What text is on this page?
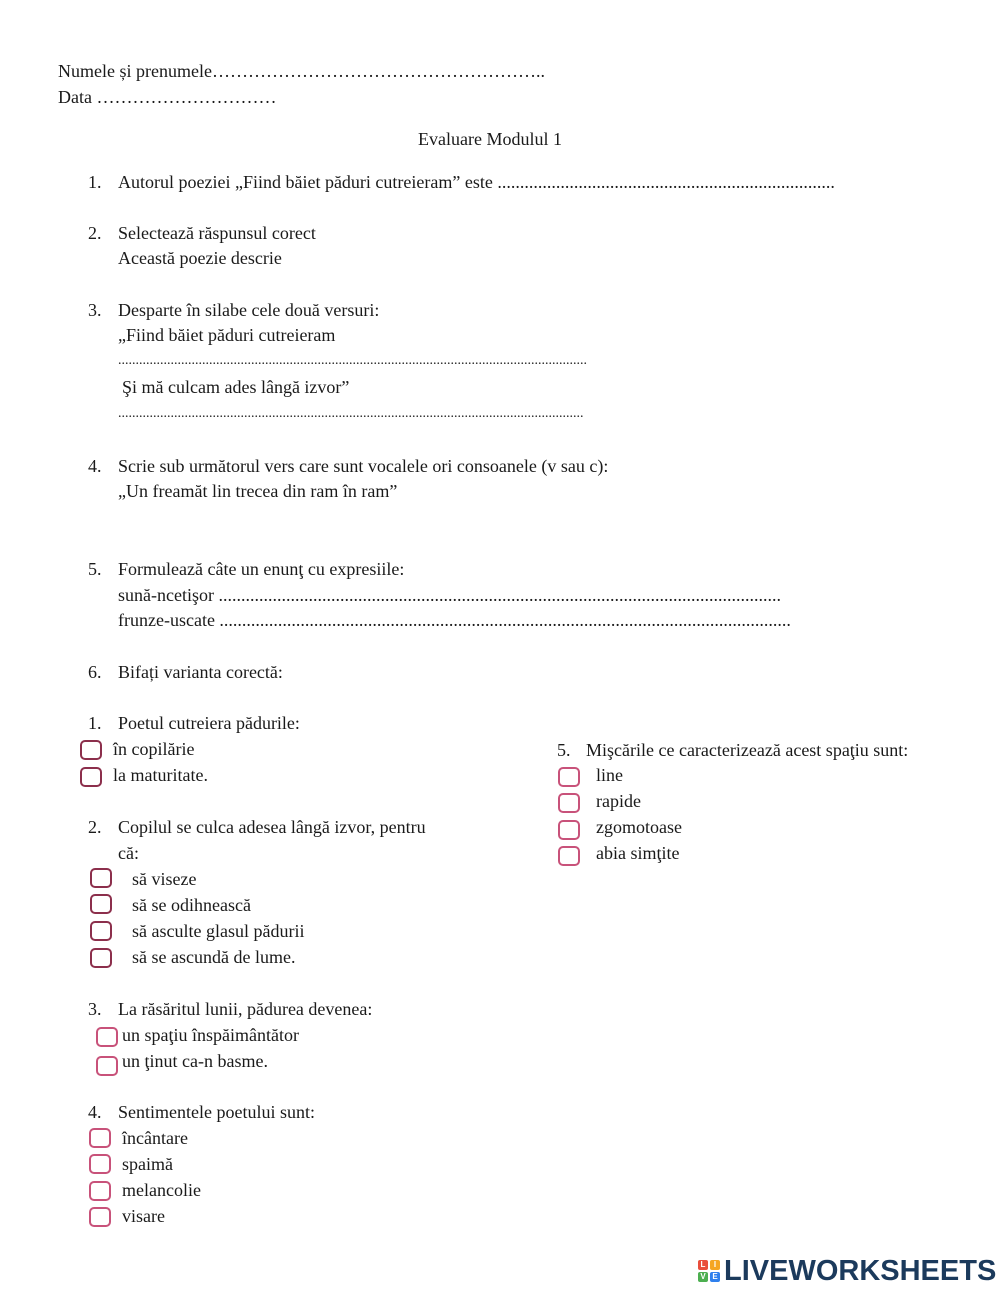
Numele și prenumele………………………………………………..
Data …………………………
Evaluare Modulul 1
1. Autorul poeziei „Fiind băiet păduri cutreieram” este ...........................................................................
2. Selectează răspunsul corect
Această poezie descrie
3. Desparte în silabe cele două versuri:
„Fiind băiet păduri cutreieram
......................................................................................................................................
Şi mă culcam ades lângă izvor”
.....................................................................................................................................
4. Scrie sub următorul vers care sunt vocalele ori consoanele (v sau c):
„Un freamăt lin trecea din ram în ram”
5. Formulează câte un enunţ cu expresiile:
sună-ncetişor .............................................................................................................................
frunze-uscate ...............................................................................................................................
6. Bifați varianta corectă:
1. Poetul cutreiera pădurile:
în copilărie
la maturitate.
2. Copilul se culca adesea lângă izvor, pentru
că:
să viseze
să se odihnească
să asculte glasul pădurii
să se ascundă de lume.
3. La răsăritul lunii, pădurea devenea:
un spaţiu înspăimântător
un ţinut ca-n basme.
4. Sentimentele poetului sunt:
încântare
spaimă
melancolie
visare
5. Mişcările ce caracterizează acest spaţiu sunt:
line
rapide
zgomotoase
abia simţite
L	I
V E LIVEWORKSHEETS
